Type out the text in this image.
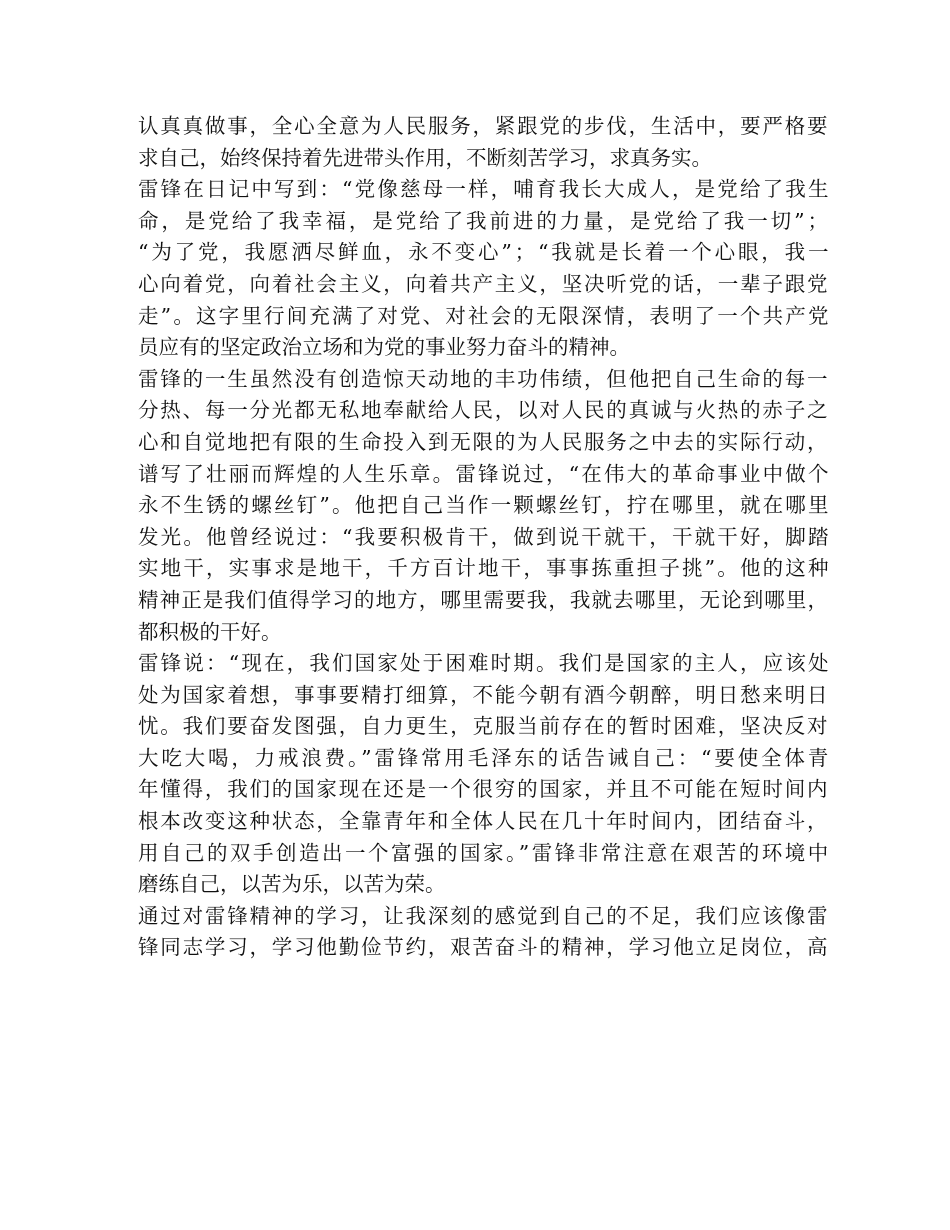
认真真做事，全心全意为人民服务，紧跟党的步伐，生活中，要严格要
求自己，始终保持着先进带头作用，不断刻苦学习，求真务实。
雷锋在日记中写到：“党像慈母一样，哺育我长大成人，是党给了我生
命，是党给了我幸福，是党给了我前进的力量，是党给了我一切”；
“为了党，我愿洒尽鲜血，永不变心”；“我就是长着一个心眼，我一
心向着党，向着社会主义，向着共产主义，坚决听党的话，一辈子跟党
走”。这字里行间充满了对党、对社会的无限深情，表明了一个共产党
员应有的坚定政治立场和为党的事业努力奋斗的精神。
雷锋的一生虽然没有创造惊天动地的丰功伟绩，但他把自己生命的每一
分热、每一分光都无私地奉献给人民，以对人民的真诚与火热的赤子之
心和自觉地把有限的生命投入到无限的为人民服务之中去的实际行动，
谱写了壮丽而辉煌的人生乐章。雷锋说过，“在伟大的革命事业中做个
永不生锈的螺丝钉”。他把自己当作一颗螺丝钉，拧在哪里，就在哪里
发光。他曾经说过：“我要积极肯干，做到说干就干，干就干好，脚踏
实地干，实事求是地干，千方百计地干，事事拣重担子挑”。他的这种
精神正是我们值得学习的地方，哪里需要我，我就去哪里，无论到哪里，
都积极的干好。
雷锋说：“现在，我们国家处于困难时期。我们是国家的主人，应该处
处为国家着想，事事要精打细算，不能今朝有酒今朝醉，明日愁来明日
忧。我们要奋发图强，自力更生，克服当前存在的暂时困难，坚决反对
大吃大喝，力戒浪费。”雷锋常用毛泽东的话告诫自己：“要使全体青
年懂得，我们的国家现在还是一个很穷的国家，并且不可能在短时间内
根本改变这种状态，全靠青年和全体人民在几十年时间内，团结奋斗，
用自己的双手创造出一个富强的国家。”雷锋非常注意在艰苦的环境中
磨练自己，以苦为乐，以苦为荣。
通过对雷锋精神的学习，让我深刻的感觉到自己的不足，我们应该像雷
锋同志学习，学习他勤俭节约，艰苦奋斗的精神，学习他立足岗位，高
